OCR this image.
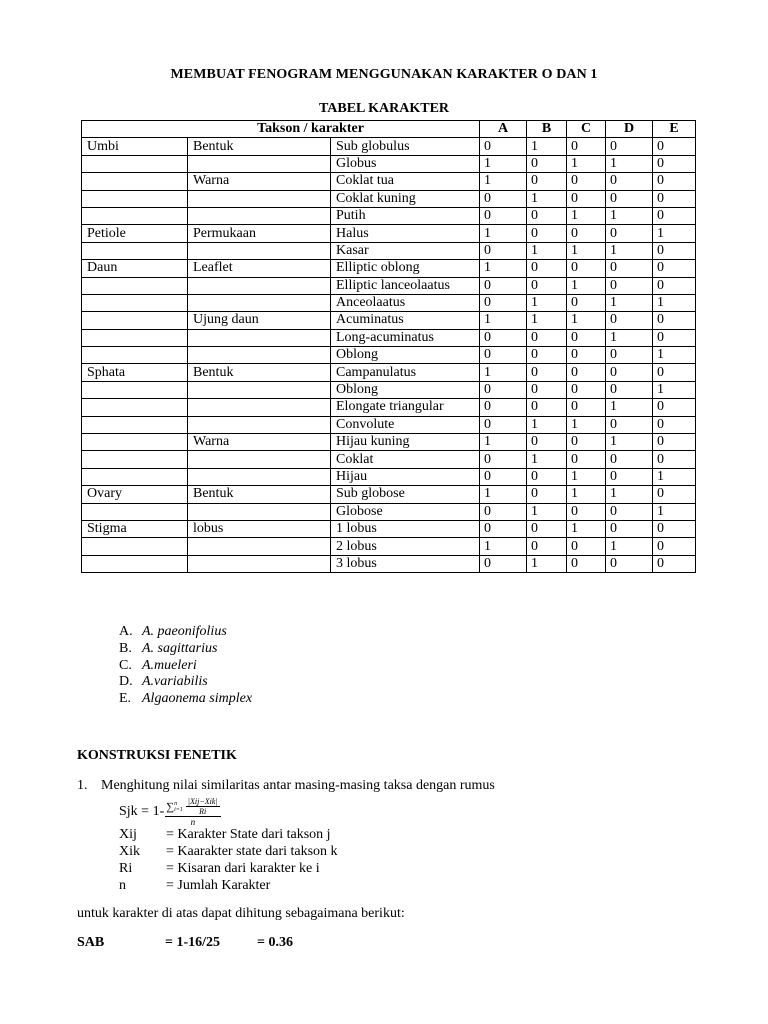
MEMBUAT FENOGRAM MENGGUNAKAN KARAKTER O DAN 1
TABEL KARAKTER
Takson / karakter			A	B	C	D	E
Umbi	Bentuk	Sub globulus	0	1	0	0	0
		Globus	1	0	1	1	0
	Warna	Coklat tua	1	0	0	0	0
		Coklat kuning	0	1	0	0	0
		Putih	0	0	1	1	0
Petiole	Permukaan	Halus	1	0	0	0	1
		Kasar	0	1	1	1	0
Daun	Leaflet	Elliptic oblong	1	0	0	0	0
		Elliptic lanceolaatus	0	0	1	0	0
		Anceolaatus	0	1	0	1	1
	Ujung daun	Acuminatus	1	1	1	0	0
		Long-acuminatus	0	0	0	1	0
		Oblong	0	0	0	0	1
Sphata	Bentuk	Campanulatus	1	0	0	0	0
		Oblong	0	0	0	0	1
		Elongate triangular	0	0	0	1	0
		Convolute	0	1	1	0	0
	Warna	Hijau kuning	1	0	0	1	0
		Coklat	0	1	0	0	0
		Hijau	0	0	1	0	1
Ovary	Bentuk	Sub globose	1	0	1	1	0
		Globose	0	1	0	0	1
Stigma	lobus	1 lobus	0	0	1	0	0
		2 lobus	1	0	0	1	0
		3 lobus	0	1	0	0	0
A. A. paeonifolius
B. A. sagittarius
C. A.mueleri
D. A.variabilis
E. Algaonema simplex
KONSTRUKSI FENETIK
1. Menghitung nilai similaritas antar masing-masing taksa dengan rumus
Sjk = 1- ∑ n
i=1
|Xij−Xik|
Ri
n
Xij	= Karakter State dari takson j
Xik	= Kaarakter state dari takson k
Ri	= Kisaran dari karakter ke i
n	= Jumlah Karakter
untuk karakter di atas dapat dihitung sebagaimana berikut:
SAB	= 1-16/25	= 0.36
